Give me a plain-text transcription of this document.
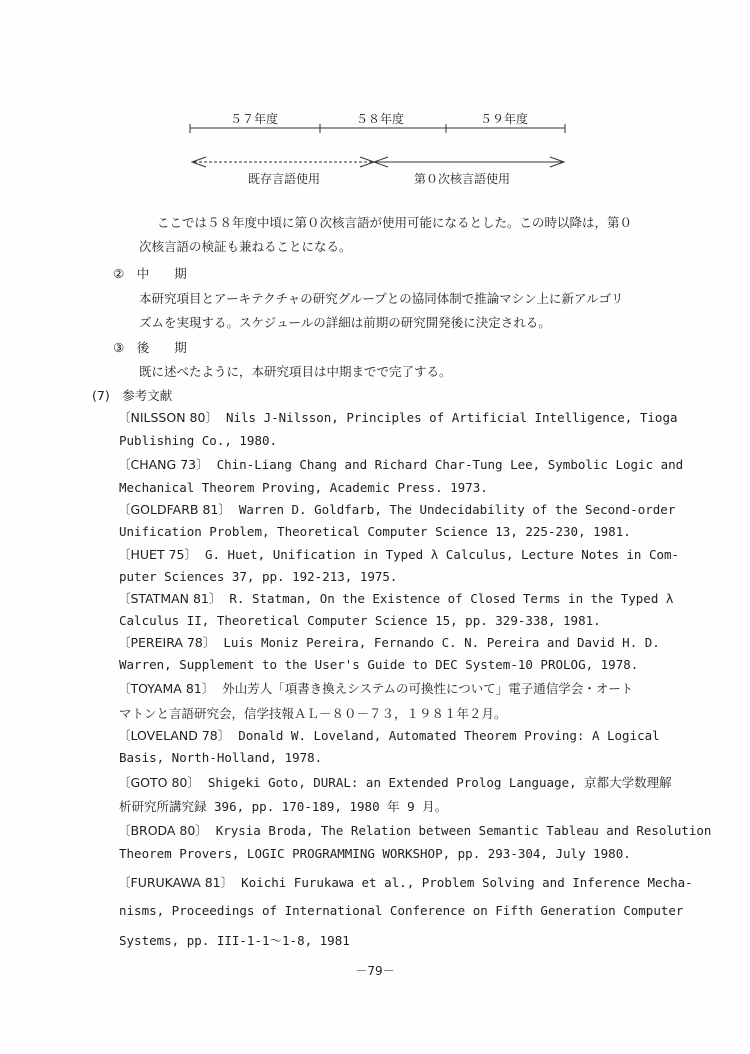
５７年度	５８年度	５９年度
既存言語使用	第０次核言語使用
ここでは５８年度中頃に第０次核言語が使用可能になるとした。この時以降は，第０
次核言語の検証も兼ねることになる。
②　中　　期
本研究項目とアーキテクチャの研究グループとの協同体制で推論マシン上に新アルゴリ
ズムを実現する。スケジュールの詳細は前期の研究開発後に決定される。
③　後　　期
既に述べたように，本研究項目は中期までで完了する。
(7)　参考文献
〔NILSSON 80〕 Nils J-Nilsson, Principles of Artificial Intelligence, Tioga
Publishing Co., 1980.
〔CHANG 73〕 Chin-Liang Chang and Richard Char-Tung Lee, Symbolic Logic and
Mechanical Theorem Proving, Academic Press. 1973.
〔GOLDFARB 81〕 Warren D. Goldfarb, The Undecidability of the Second-order
Unification Problem, Theoretical Computer Science 13, 225-230, 1981.
〔HUET 75〕 G. Huet, Unification in Typed λ Calculus, Lecture Notes in Com-
puter Sciences 37, pp. 192-213, 1975.
〔STATMAN 81〕 R. Statman, On the Existence of Closed Terms in the Typed λ
Calculus II, Theoretical Computer Science 15, pp. 329-338, 1981.
〔PEREIRA 78〕 Luis Moniz Pereira, Fernando C. N. Pereira and David H. D.
Warren, Supplement to the User's Guide to DEC System-10 PROLOG, 1978.
〔TOYAMA 81〕 外山芳人「項書き換えシステムの可換性について」電子通信学会・オート
マトンと言語研究会，信学技報ＡＬ－８０－７３，１９８１年２月。
〔LOVELAND 78〕 Donald W. Loveland, Automated Theorem Proving: A Logical
Basis, North-Holland, 1978.
〔GOTO 80〕 Shigeki Goto, DURAL: an Extended Prolog Language, 京都大学数理解
析研究所講究録 396, pp. 170-189, 1980 年 9 月。
〔BRODA 80〕 Krysia Broda, The Relation between Semantic Tableau and Resolution
Theorem Provers, LOGIC PROGRAMMING WORKSHOP, pp. 293-304, July 1980.
〔FURUKAWA 81〕 Koichi Furukawa et al., Problem Solving and Inference Mecha-
nisms, Proceedings of International Conference on Fifth Generation Computer
Systems, pp. III-1-1～1-8, 1981
－79－
